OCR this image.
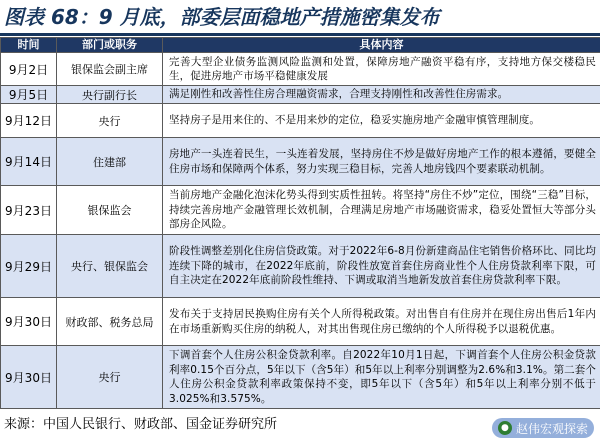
图表 68：9 月底，部委层面稳地产措施密集发布
时间	部门或职务	具体内容
9月2日	银保监会副主席	完善大型企业债务监测风险监测和处置，保障房地产融资平稳有序，支持地方保交楼稳民生，促进房地产市场平稳健康发展
9月5日	央行副行长	满足刚性和改善性住房合理融资需求，合理支持刚性和改善性住房需求。
9月12日	央行	坚持房子是用来住的、不是用来炒的定位，稳妥实施房地产金融审慎管理制度。
9月14日	住建部	房地产一头连着民生，一头连着发展，坚持房住不炒是做好房地产工作的根本遵循，要健全住房市场和保障两个体系，努力实现三稳目标，完善人地房钱四个要素联动机制。
9月23日	银保监会	当前房地产金融化泡沫化势头得到实质性扭转。将坚持“房住不炒”定位，围绕“三稳”目标，持续完善房地产金融管理长效机制，合理满足房地产市场融资需求，稳妥处置恒大等部分头部房企风险。
9月29日	央行、银保监会	阶段性调整差别化住房信贷政策。对于2022年6-8月份新建商品住宅销售价格环比、同比均连续下降的城市，在2022年底前，阶段性放宽首套住房商业性个人住房贷款利率下限，可自主决定在2022年底前阶段性维持、下调或取消当地新发放首套住房贷款利率下限。
9月30日	财政部、税务总局	发布关于支持居民换购住房有关个人所得税政策。对出售自有住房并在现住房出售后1年内在市场重新购买住房的纳税人，对其出售现住房已缴纳的个人所得税予以退税优惠。
9月30日	央行	下调首套个人住房公积金贷款利率。自2022年10月1日起，下调首套个人住房公积金贷款利率0.15个百分点，5年以下（含5年）和5年以上利率分别调整为2.6%和3.1%。第二套个人住房公积金贷款利率政策保持不变，即5年以下（含5年）和5年以上利率分别不低于3.025%和3.575%。
来源：中国人民银行、财政部、国金证券研究所	● 赵伟宏观探索
